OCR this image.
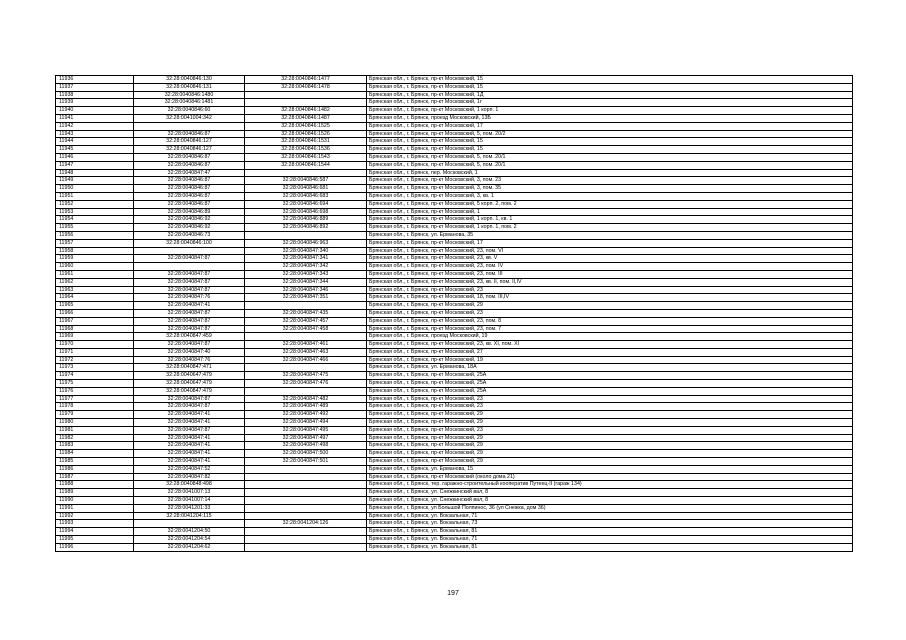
11936	32:28:0040846:130	32:28:0040846:1477	Брянская обл., г. Брянск, пр-кт Московский, 15
11937	32:28:0040846:131	32:28:0040846:1478	Брянская обл., г. Брянск, пр-кт Московский, 15
11938	32:28:0040846:1480		Брянская обл., г. Брянск, пр-кт Московский, 1Д
11939	32:28:0040846:1481		Брянская обл., г. Брянск, пр-кт Московский, 1г
11940	32:28:0040846:60	32:28:0040846:1482	Брянская обл., г. Брянск, пр-кт Московский, 1 корп. 1
11941	32:28:0041004:342	32:28:0040846:1487	Брянская обл., г. Брянск, проезд Московский, 13Б
11942		32:28:0040846:1525	Брянская обл., г. Брянск, пр-кт Московский, 17
11943	32:28:0040846:87	32:28:0040846:1526	Брянская обл., г. Брянск, пр-кт Московский, 5, пом. 20/2
11944	32:28:0040846:127	32:28:0040846:1531	Брянская обл., г. Брянск, пр-кт Московский, 15
11945	32:28:0040846:127	32:28:0040846:1536	Брянская обл., г. Брянск, пр-кт Московский, 15
11946	32:28:0040846:87	32:28:0040846:1543	Брянская обл., г. Брянск, пр-кт Московский, 5, пом. 20/1
11947	32:28:0040846:87	32:28:0040846:1544	Брянская обл., г. Брянск, пр-кт Московский, 5, пом. 20/1
11948	32:28:0040847:47		Брянская обл., г. Брянск, пер. Московский, 1
11949	32:28:0040846:87	32:28:0040846:587	Брянская обл., г. Брянск, пр-кт Московский, 3, пом. 23
11950	32:28:0040846:87	32:28:0040846:681	Брянская обл., г. Брянск, пр-кт Московский, 3, пом. 35
11951	32:28:0040846:87	32:28:0040846:683	Брянская обл., г. Брянск, пр-кт Московский, 3, кв. 1
11952	32:28:0040846:87	32:28:0040846:694	Брянская обл., г. Брянск, пр-кт Московский, 5 корп. 2, пом. 2
11953	32:28:0040846:89	32:28:0040846:698	Брянская обл., г. Брянск, пр-кт Московский, 1
11954	32:28:0040846:92	32:28:0040846:889	Брянская обл., г. Брянск, пр-кт Московский, 1 корп. 1, кв. 1
11955	32:28:0040846:92	32:28:0040846:892	Брянская обл., г. Брянск, пр-кт Московский, 1 корп. 1, пом. 2
11956	32:28:0040846:73		Брянская обл., г. Брянск, ул. Ерманова, 35
11957	32:28:0040846:100	32:28:0040846:963	Брянская обл., г. Брянск, пр-кт Московский, 17
11958		32:28:0040847:340	Брянская обл., г. Брянск, пр-кт Московский, 23, пом. VI
11959	32:28:0040847:87	32:28:0040847:341	Брянская обл., г. Брянск, пр-кт Московский, 23, кв. V
11960		32:28:0040847:342	Брянская обл., г. Брянск, пр-кт Московский, 23, пом. IV
11961	32:28:0040847:87	32:28:0040847:343	Брянская обл., г. Брянск, пр-кт Московский, 23, пом. III
11962	32:28:0040847:87	32:28:0040847:344	Брянская обл., г. Брянск, пр-кт Московский, 23, кв. II, пом. II,IV
11963	32:28:0040847:87	32:28:0040847:346	Брянская обл., г. Брянск, пр-кт Московский, 23
11964	32:28:0040847:76	32:28:0040847:351	Брянская обл., г. Брянск, пр-кт Московский, 18, пом. III,IV
11965	32:28:0040847:41		Брянская обл., г. Брянск, пр-кт Московский, 29
11966	32:28:0040847:87	32:28:0040847:435	Брянская обл., г. Брянск, пр-кт Московский, 23
11967	32:28:0040847:87	32:28:0040847:457	Брянская обл., г. Брянск, пр-кт Московский, 23, пом. 8
11968	32:28:0040847:87	32:28:0040847:458	Брянская обл., г. Брянск, пр-кт Московский, 23, пом. 7
11969	32:28:0040847:459		Брянская обл., г. Брянск, проезд Московский, 19
11970	32:28:0040847:87	32:28:0040847:461	Брянская обл., г. Брянск, пр-кт Московский, 23, кв. XI, пом. XI
11971	32:28:0040847:40	32:28:0040847:463	Брянская обл., г. Брянск, пр-кт Московский, 27
11972	32:28:0040847:76	32:28:0040847:466	Брянская обл., г. Брянск, пр-кт Московский, 19
11973	32:28:0040847:471		Брянская обл., г. Брянск, ул. Ерманова, 18А
11974	32:28:0040647:479	32:28:0040847:475	Брянская обл., г. Брянск, пр-кт Московский, 25А
11975	32:28:0040647:479	32:28:0040847:476	Брянская обл., г. Брянск, пр-кт Московский, 25А
11976	32:28:0040847:479		Брянская обл., г. Брянск, пр-кт Московский, 25А
11977	32:28:0040847:87	32:28:0040847:482	Брянская обл., г. Брянск, пр-кт Московский, 23
11978	32:28:0040847:87	32:28:0040847:489	Брянская обл., г. Брянск, пр-кт Московский, 23
11979	32:28:0040847:41	32:28:0040847:492	Брянская обл., г. Брянск, пр-кт Московский, 29
11980	32:28:0040847:41	32:28:0040847:494	Брянская обл., г. Брянск, пр-кт Московский, 29
11981	32:28:0040847:87	32:28:0040847:495	Брянская обл., г. Брянск, пр-кт Московский, 23
11982	32:28:0040847:41	32:28:0040847:497	Брянская обл., г. Брянск, пр-кт Московский, 29
11983	32:28:0040847:41	32:28:0040847:498	Брянская обл., г. Брянск, пр-кт Московский, 29
11984	32:28:0040847:41	32:28:0040847:500	Брянская обл., г. Брянск, пр-кт Московский, 29
11985	32:28:0040847:41	32:28:0040847:501	Брянская обл., г. Брянск, пр-кт Московский, 29
11986	32:28:0040847:52		Брянская обл., г. Брянск, ул. Ерманова, 15
11987	32:28:0040847:82		Брянская обл., г. Брянск, пр-кт Московский (около дома 21)
11988	32:28:0040848:498		Брянская обл., г. Брянск, тер. гаражно-строительный кооператив Путеец-II (гараж 134)
11989	32:28:0041007:13		Брянская обл., г. Брянск, ул. Снежкинский вал, 8
11990	32:28:0041007:14		Брянская обл., г. Брянск, ул. Снежкинский вал, 8
11991	32:28:0041201:33		Брянская обл., г. Брянск, ул Большой Полпинос, 36 (ул Снежка, дом 36)
11992	32:28:0041204:115		Брянская обл., г. Брянск, ул. Вокзальная, 71
11993		32:28:0041204:126	Брянская обл., г. Брянск, ул. Вокзальная, 73
11994	32:28:0041204:50		Брянская обл., г. Брянск, ул. Вокзальная, 81
11995	32:28:0041204:54		Брянская обл., г. Брянск, ул. Вокзальная, 71
11996	32:28:0041204:62		Брянская обл., г. Брянск, ул. Вокзальная, 81
197
